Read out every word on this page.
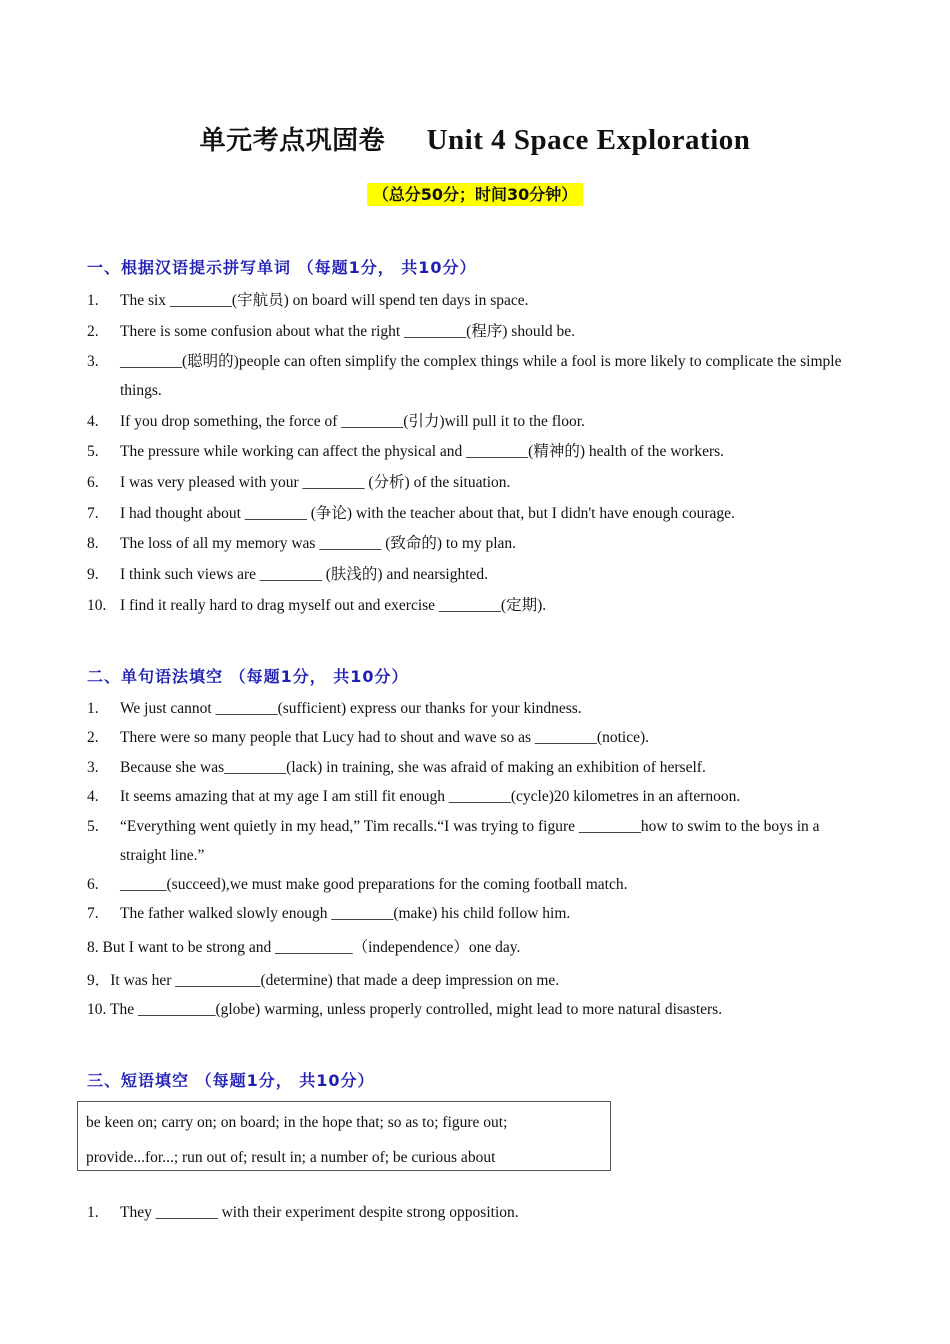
单元考点巩固卷 Unit 4 Space Exploration
（总分50分；时间30分钟）
一、根据汉语提示拼写单词 （每题1分， 共10分）
1. The six ________(宇航员) on board will spend ten days in space.
2. There is some confusion about what the right ________(程序) should be.
3. ________(聪明的)people can often simplify the complex things while a fool is more likely to complicate the simple things.
4. If you drop something, the force of ________(引力)will pull it to the floor.
5. The pressure while working can affect the physical and ________(精神的) health of the workers.
6. I was very pleased with your ________ (分析) of the situation.
7. I had thought about ________ (争论) with the teacher about that, but I didn't have enough courage.
8. The loss of all my memory was ________ (致命的) to my plan.
9. I think such views are ________ (肤浅的) and nearsighted.
10. I find it really hard to drag myself out and exercise ________(定期).
二、单句语法填空 （每题1分， 共10分）
1. We just cannot ________(sufficient) express our thanks for your kindness.
2. There were so many people that Lucy had to shout and wave so as ________(notice).
3. Because she was________(lack) in training, she was afraid of making an exhibition of herself.
4. It seems amazing that at my age I am still fit enough ________(cycle)20 kilometres in an afternoon.
5. “Everything went quietly in my head,” Tim recalls.“I was trying to figure ________how to swim to the boys in a straight line.”
6. ______(succeed),we must make good preparations for the coming football match.
7. The father walked slowly enough ________(make) his child follow him.
8. But I want to be strong and __________（independence）one day.
9．It was her ___________(determine) that made a deep impression on me.
10. The __________(globe) warming, unless properly controlled, might lead to more natural disasters.
三、短语填空 （每题1分， 共10分）
be keen on; carry on; on board; in the hope that; so as to; figure out;
provide...for...; run out of; result in; a number of; be curious about
1. They ________ with their experiment despite strong opposition.
